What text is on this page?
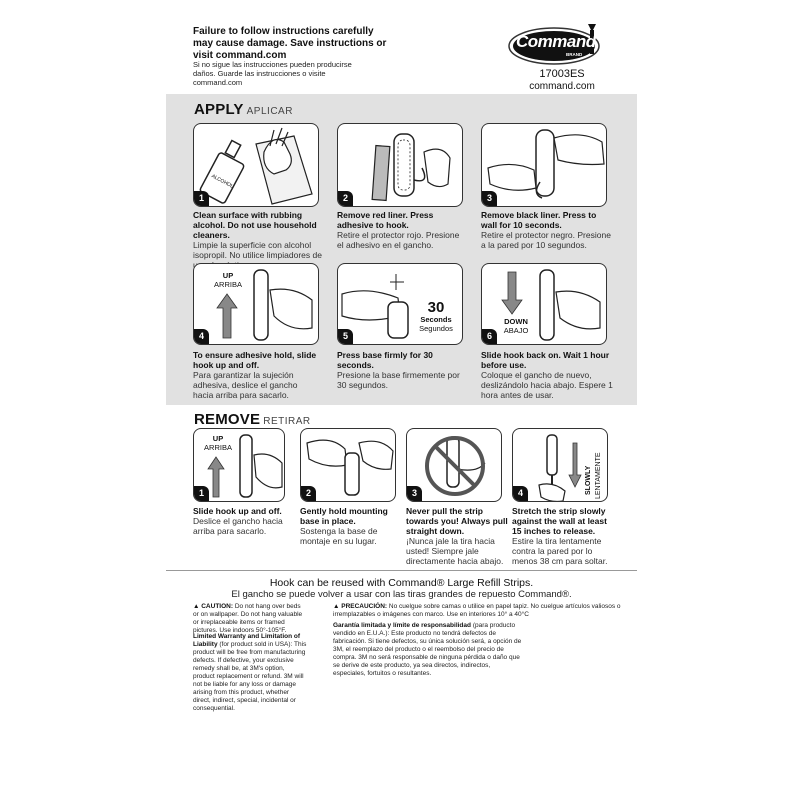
Failure to follow instructions carefully may cause damage. Save instructions or visit command.com
Si no sigue las instrucciones pueden producirse daños. Guarde las instrucciones o visite command.com
Command
BRAND
17003ES
command.com
APPLY APLICAR
ALCOHOL
1	2	3
Clean surface with rubbing alcohol. Do not use household cleaners.
Limpie la superficie con alcohol isopropil. No utilice limpiadores de
Remove red liner. Press adhesive to hook.
Retire el protector rojo. Presione el adhesivo en el gancho.
Remove black liner. Press to wall for 10 seconds.
Retire el protector negro. Presione a la pared por 10 segundos.
UP
ARRIBA
4
30
Seconds
Segundos
5
DOWN
ABAJO
6
To ensure adhesive hold, slide hook up and off.
Para garantizar la sujeción adhesiva, deslice el gancho hacia arriba para sacarlo.
Press base firmly for 30 seconds.
Presione la base firmemente por 30 segundos.
Slide hook back on. Wait 1 hour before use.
Coloque el gancho de nuevo, deslizándolo hacia abajo. Espere 1 hora antes de usar.
REMOVE RETIRAR
UP
ARRIBA
1	2	3	SLOWLY LENTAMENTE
4
Slide hook up and off.
Deslice el gancho hacia arriba para sacarlo.
Gently hold mounting base in place.
Sostenga la base de montaje en su lugar.
Never pull the strip towards you! Always pull straight down.
¡Nunca jale la tira hacia usted! Siempre jale directamente hacia abajo.
Stretch the strip slowly against the wall at least 15 inches to release.
Estire la tira lentamente contra la pared por lo menos 38 cm para soltar.
Hook can be reused with Command® Large Refill Strips.
El gancho se puede volver a usar con las tiras grandes de repuesto Command®.
▲ CAUTION: Do not hang over beds or on wallpaper. Do not hang valuable or irreplaceable items or framed pictures. Use indoors 50°-105°F.
Limited Warranty and Limitation of Liability (for product sold in USA): This product will be free from manufacturing defects. If defective, your exclusive remedy shall be, at 3M's option, product replacement or refund. 3M will not be liable for any loss or damage arising from this product, whether direct, indirect, special, incidental or consequential.
▲ PRECAUCIÓN: No cuelgue sobre camas o utilice en papel tapiz. No cuelgue artículos valiosos o irremplazables o imágenes con marco. Use en interiores 10° a 40°C
Garantía limitada y límite de responsabilidad (para producto vendido en E.U.A.): Este producto no tendrá defectos de fabricación. Si tiene defectos, su única solución será, a opción de 3M, el reemplazo del producto o el reembolso del precio de compra. 3M no será responsable de ninguna pérdida o daño que se derive de este producto, ya sea directos, indirectos, especiales, fortuitos o resultantes.
